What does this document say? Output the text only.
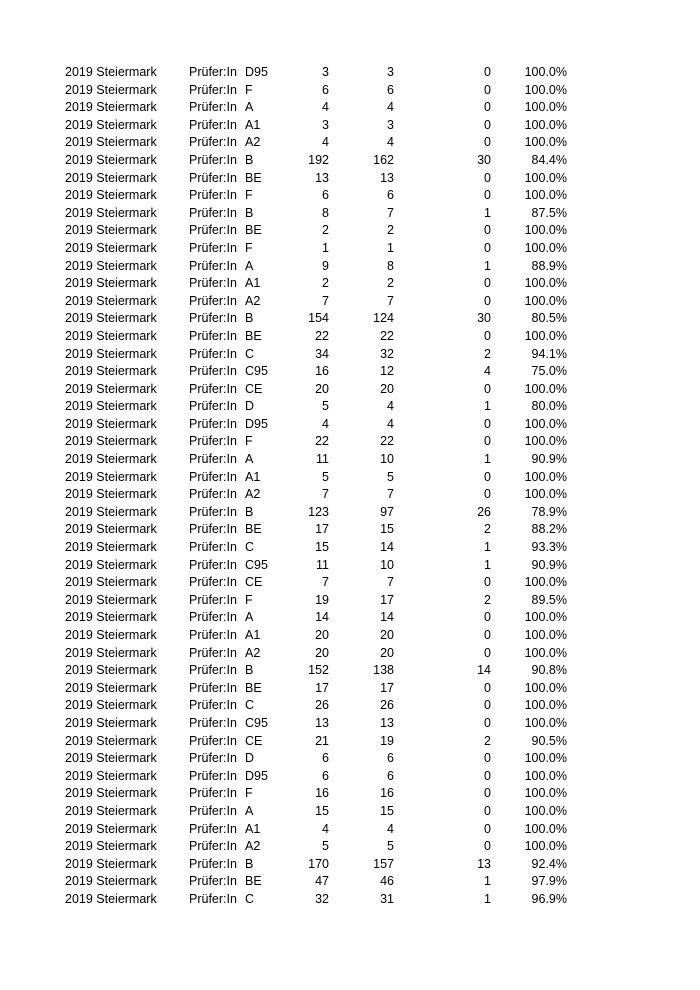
2019 Steiermark	Prüfer:In D95	3	3	0	100.0%
2019 Steiermark	Prüfer:In F	6	6	0	100.0%
2019 Steiermark	Prüfer:In A	4	4	0	100.0%
2019 Steiermark	Prüfer:In A1	3	3	0	100.0%
2019 Steiermark	Prüfer:In A2	4	4	0	100.0%
2019 Steiermark	Prüfer:In B	192	162	30	84.4%
2019 Steiermark	Prüfer:In BE	13	13	0	100.0%
2019 Steiermark	Prüfer:In F	6	6	0	100.0%
2019 Steiermark	Prüfer:In B	8	7	1	87.5%
2019 Steiermark	Prüfer:In BE	2	2	0	100.0%
2019 Steiermark	Prüfer:In F	1	1	0	100.0%
2019 Steiermark	Prüfer:In A	9	8	1	88.9%
2019 Steiermark	Prüfer:In A1	2	2	0	100.0%
2019 Steiermark	Prüfer:In A2	7	7	0	100.0%
2019 Steiermark	Prüfer:In B	154	124	30	80.5%
2019 Steiermark	Prüfer:In BE	22	22	0	100.0%
2019 Steiermark	Prüfer:In C	34	32	2	94.1%
2019 Steiermark	Prüfer:In C95	16	12	4	75.0%
2019 Steiermark	Prüfer:In CE	20	20	0	100.0%
2019 Steiermark	Prüfer:In D	5	4	1	80.0%
2019 Steiermark	Prüfer:In D95	4	4	0	100.0%
2019 Steiermark	Prüfer:In F	22	22	0	100.0%
2019 Steiermark	Prüfer:In A	11	10	1	90.9%
2019 Steiermark	Prüfer:In A1	5	5	0	100.0%
2019 Steiermark	Prüfer:In A2	7	7	0	100.0%
2019 Steiermark	Prüfer:In B	123	97	26	78.9%
2019 Steiermark	Prüfer:In BE	17	15	2	88.2%
2019 Steiermark	Prüfer:In C	15	14	1	93.3%
2019 Steiermark	Prüfer:In C95	11	10	1	90.9%
2019 Steiermark	Prüfer:In CE	7	7	0	100.0%
2019 Steiermark	Prüfer:In F	19	17	2	89.5%
2019 Steiermark	Prüfer:In A	14	14	0	100.0%
2019 Steiermark	Prüfer:In A1	20	20	0	100.0%
2019 Steiermark	Prüfer:In A2	20	20	0	100.0%
2019 Steiermark	Prüfer:In B	152	138	14	90.8%
2019 Steiermark	Prüfer:In BE	17	17	0	100.0%
2019 Steiermark	Prüfer:In C	26	26	0	100.0%
2019 Steiermark	Prüfer:In C95	13	13	0	100.0%
2019 Steiermark	Prüfer:In CE	21	19	2	90.5%
2019 Steiermark	Prüfer:In D	6	6	0	100.0%
2019 Steiermark	Prüfer:In D95	6	6	0	100.0%
2019 Steiermark	Prüfer:In F	16	16	0	100.0%
2019 Steiermark	Prüfer:In A	15	15	0	100.0%
2019 Steiermark	Prüfer:In A1	4	4	0	100.0%
2019 Steiermark	Prüfer:In A2	5	5	0	100.0%
2019 Steiermark	Prüfer:In B	170	157	13	92.4%
2019 Steiermark	Prüfer:In BE	47	46	1	97.9%
2019 Steiermark	Prüfer:In C	32	31	1	96.9%
